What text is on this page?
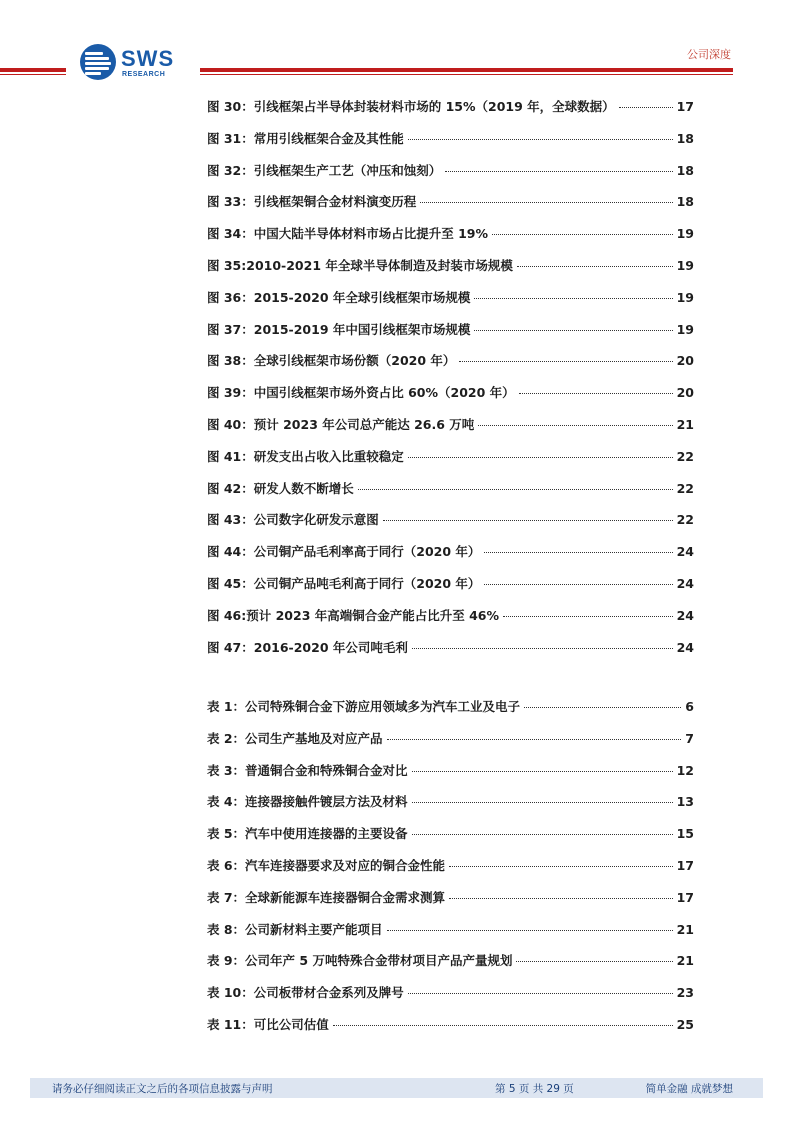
SWS
RESEARCH
公司深度
图 30：引线框架占半导体封装材料市场的 15%（2019 年，全球数据）	17
图 31：常用引线框架合金及其性能	18
图 32：引线框架生产工艺（冲压和蚀刻）	18
图 33：引线框架铜合金材料演变历程	18
图 34：中国大陆半导体材料市场占比提升至 19%	19
图 35:2010-2021 年全球半导体制造及封装市场规模	19
图 36：2015-2020 年全球引线框架市场规模	19
图 37：2015-2019 年中国引线框架市场规模	19
图 38：全球引线框架市场份额（2020 年）	20
图 39：中国引线框架市场外资占比 60%（2020 年）	20
图 40：预计 2023 年公司总产能达 26.6 万吨	21
图 41：研发支出占收入比重较稳定	22
图 42：研发人数不断增长	22
图 43：公司数字化研发示意图	22
图 44：公司铜产品毛利率高于同行（2020 年）	24
图 45：公司铜产品吨毛利高于同行（2020 年）	24
图 46:预计 2023 年高端铜合金产能占比升至 46%	24
图 47：2016-2020 年公司吨毛利	24
表 1：公司特殊铜合金下游应用领域多为汽车工业及电子	6
表 2：公司生产基地及对应产品	7
表 3：普通铜合金和特殊铜合金对比	12
表 4：连接器接触件镀层方法及材料	13
表 5：汽车中使用连接器的主要设备	15
表 6：汽车连接器要求及对应的铜合金性能	17
表 7：全球新能源车连接器铜合金需求测算	17
表 8：公司新材料主要产能项目	21
表 9：公司年产 5 万吨特殊合金带材项目产品产量规划	21
表 10：公司板带材合金系列及牌号	23
表 11：可比公司估值	25
请务必仔细阅读正文之后的各项信息披露与声明	第 5 页 共 29 页	简单金融 成就梦想
